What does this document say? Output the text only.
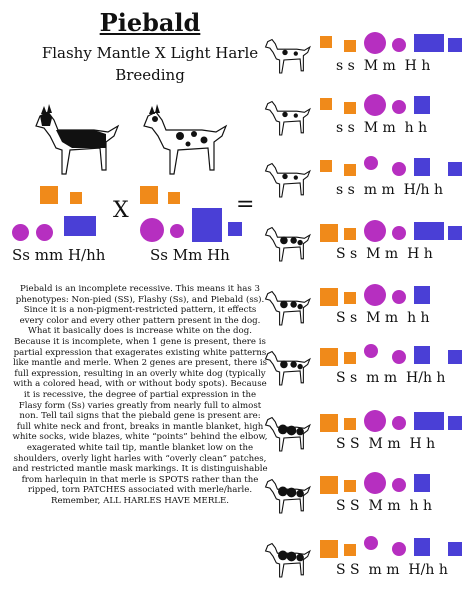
Piebald
Flashy Mantle X Light Harle
Breeding
Ss mm H/hh
X
Ss Mm Hh
=
Piebald is an incomplete recessive. This means it has 3 phenotypes: Non-pied (SS), Flashy (Ss), and Piebald (ss). Since it is a non-pigment-restricted pattern, it effects every color and every other pattern present in the dog. What it basically does is increase white on the dog. Because it is incomplete, when 1 gene is present, there is partial expression that exagerates existing white patterns like mantle and merle. When 2 genes are present, there is full expression, resulting in an overly white dog (typically with a colored head, with or without body spots). Because it is recessive, the degree of partial expression in the Flasy form (Ss) varies greatly from nearly full to almost non. Tell tail signs that the piebald gene is present are: full white neck and front, breaks in mantle blanket, high white socks, wide blazes, white “points” behind the elbow, exagerated white tail tip, mantle blanket low on the shoulders, overly light harles with “overly clean” patches, and restricted mantle mask markings. It is distinguishable from harlequin in that merle is SPOTS rather than the ripped, torn PATCHES associated with merle/harle. Remember, ALL HARLES HAVE MERLE.
s s  M m  H h
s s  M m  h h
s s  m m  H/h h
S s  M m  H h
S s  M m  h h
S s  m m  H/h h
S S  M m  H h
S S  M m  h h
S S  m m  H/h h
